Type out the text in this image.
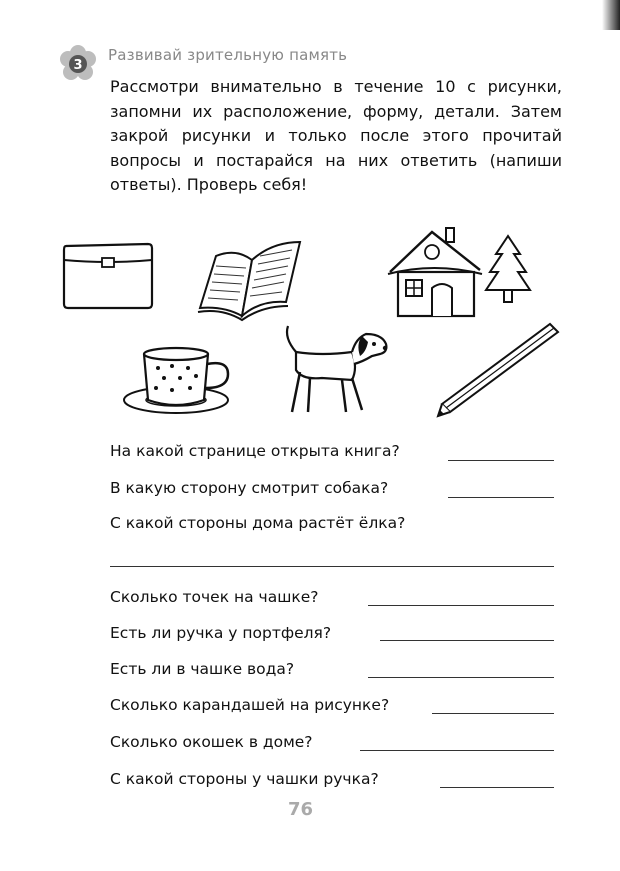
3
Развивай зрительную память
Рассмотри внимательно в течение 10 с рисунки, запомни их расположение, форму, детали. Затем закрой рисунки и только после этого прочитай вопросы и постарайся на них ответить (напиши ответы). Проверь себя!
На какой странице открыта книга?
В какую сторону смотрит собака?
С какой стороны дома растёт ёлка?
Сколько точек на чашке?
Есть ли ручка у портфеля?
Есть ли в чашке вода?
Сколько карандашей на рисунке?
Сколько окошек в доме?
С какой стороны у чашки ручка?
76
